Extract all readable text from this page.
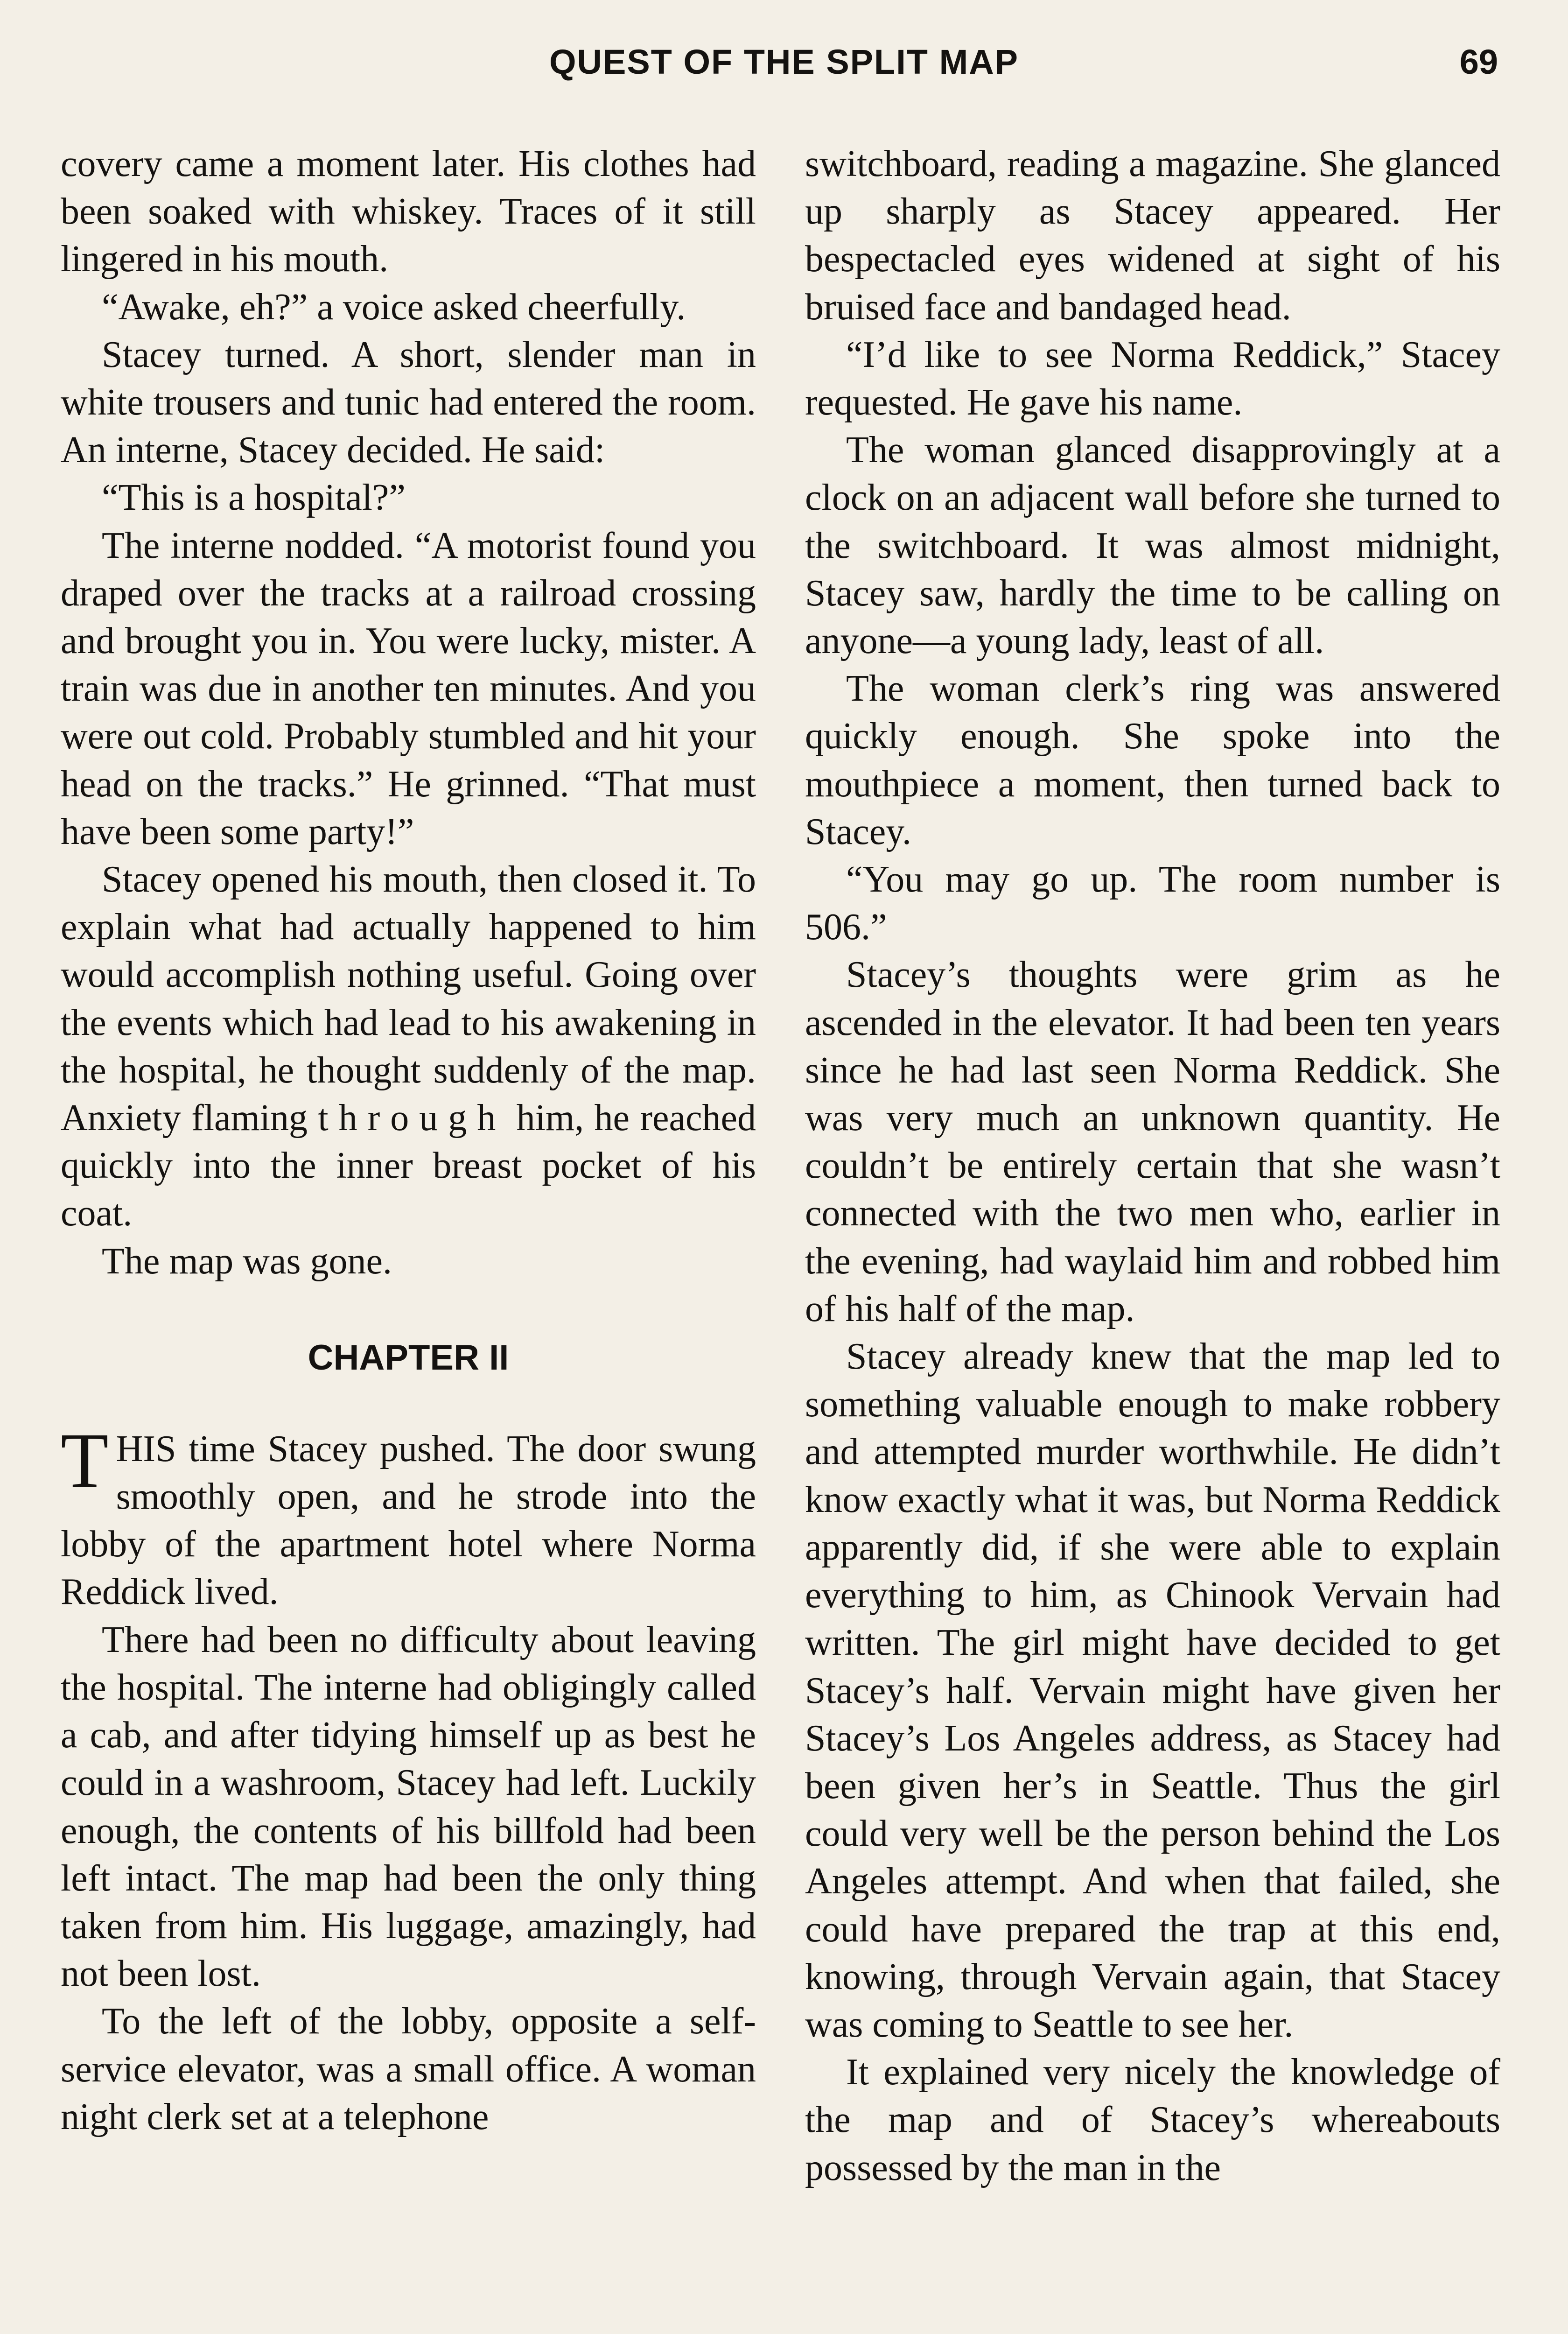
QUEST OF THE SPLIT MAP	69

covery came a moment later. His clothes had been soaked with whiskey. Traces of it still lingered in his mouth.

“Awake, eh?” a voice asked cheerfully.

Stacey turned. A short, slender man in white trousers and tunic had entered the room. An interne, Stacey decided. He said:

“This is a hospital?”

The interne nodded. “A motorist found you draped over the tracks at a railroad crossing and brought you in. You were lucky, mister. A train was due in another ten minutes. And you were out cold. Probably stumbled and hit your head on the tracks.” He grinned. “That must have been some party!”

Stacey opened his mouth, then closed it. To explain what had actually happened to him would accomplish nothing useful. Going over the events which had lead to his awakening in the hospital, he thought suddenly of the map. Anxiety flaming through him, he reached quickly into the inner breast pocket of his coat.

The map was gone.

CHAPTER II

THIS time Stacey pushed. The door swung smoothly open, and he strode into the lobby of the apartment hotel where Norma Reddick lived.

There had been no difficulty about leaving the hospital. The interne had obligingly called a cab, and after tidying himself up as best he could in a washroom, Stacey had left. Luckily enough, the contents of his billfold had been left intact. The map had been the only thing taken from him. His luggage, amazingly, had not been lost.

To the left of the lobby, opposite a self-service elevator, was a small office. A woman night clerk set at a telephone

switchboard, reading a magazine. She glanced up sharply as Stacey appeared. Her bespectacled eyes widened at sight of his bruised face and bandaged head.

“I’d like to see Norma Reddick,” Stacey requested. He gave his name.

The woman glanced disapprovingly at a clock on an adjacent wall before she turned to the switchboard. It was almost midnight, Stacey saw, hardly the time to be calling on anyone—a young lady, least of all.

The woman clerk’s ring was answered quickly enough. She spoke into the mouthpiece a moment, then turned back to Stacey.

“You may go up. The room number is 506.”

Stacey’s thoughts were grim as he ascended in the elevator. It had been ten years since he had last seen Norma Reddick. She was very much an unknown quantity. He couldn’t be entirely certain that she wasn’t connected with the two men who, earlier in the evening, had waylaid him and robbed him of his half of the map.

Stacey already knew that the map led to something valuable enough to make robbery and attempted murder worthwhile. He didn’t know exactly what it was, but Norma Reddick apparently did, if she were able to explain everything to him, as Chinook Vervain had written. The girl might have decided to get Stacey’s half. Vervain might have given her Stacey’s Los Angeles address, as Stacey had been given her’s in Seattle. Thus the girl could very well be the person behind the Los Angeles attempt. And when that failed, she could have prepared the trap at this end, knowing, through Vervain again, that Stacey was coming to Seattle to see her.

It explained very nicely the knowledge of the map and of Stacey’s whereabouts possessed by the man in the
